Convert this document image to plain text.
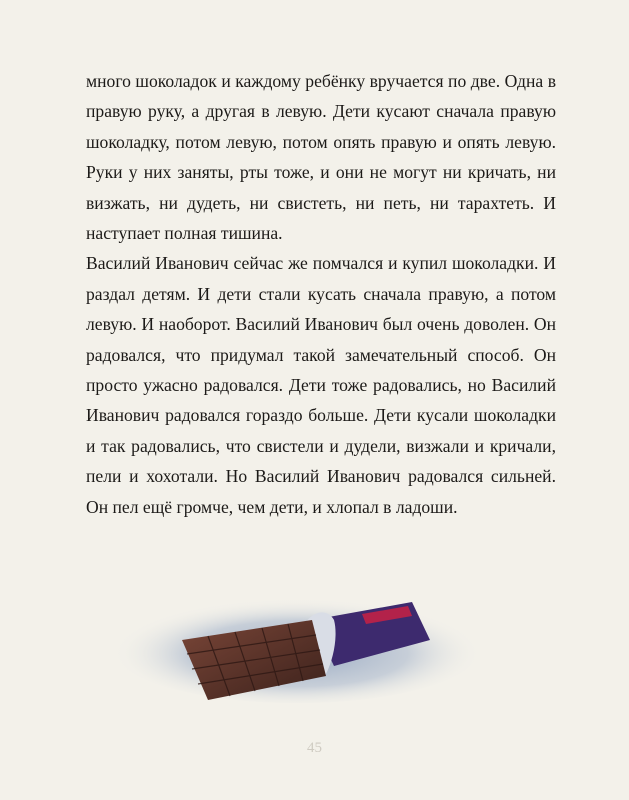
много шоколадок и каждому ребёнку вручается по две. Одна в правую руку, а другая в левую. Дети кусают сначала правую шоколадку, потом левую, потом опять правую и опять левую. Руки у них заняты, рты тоже, и они не могут ни кричать, ни визжать, ни дудеть, ни свистеть, ни петь, ни тарахтеть. И наступает полная тишина.

Василий Иванович сейчас же помчался и купил шоколадки. И раздал детям. И дети стали кусать сначала правую, а потом левую. И наоборот. Василий Иванович был очень доволен. Он радовался, что придумал такой замечательный способ. Он просто ужасно радовался. Дети тоже радовались, но Василий Иванович радовался гораздо больше. Дети кусали шоколадки и так радовались, что свистели и дудели, визжали и кричали, пели и хохотали. Но Василий Иванович радовался сильней. Он пел ещё громче, чем дети, и хлопал в ладоши.

45
